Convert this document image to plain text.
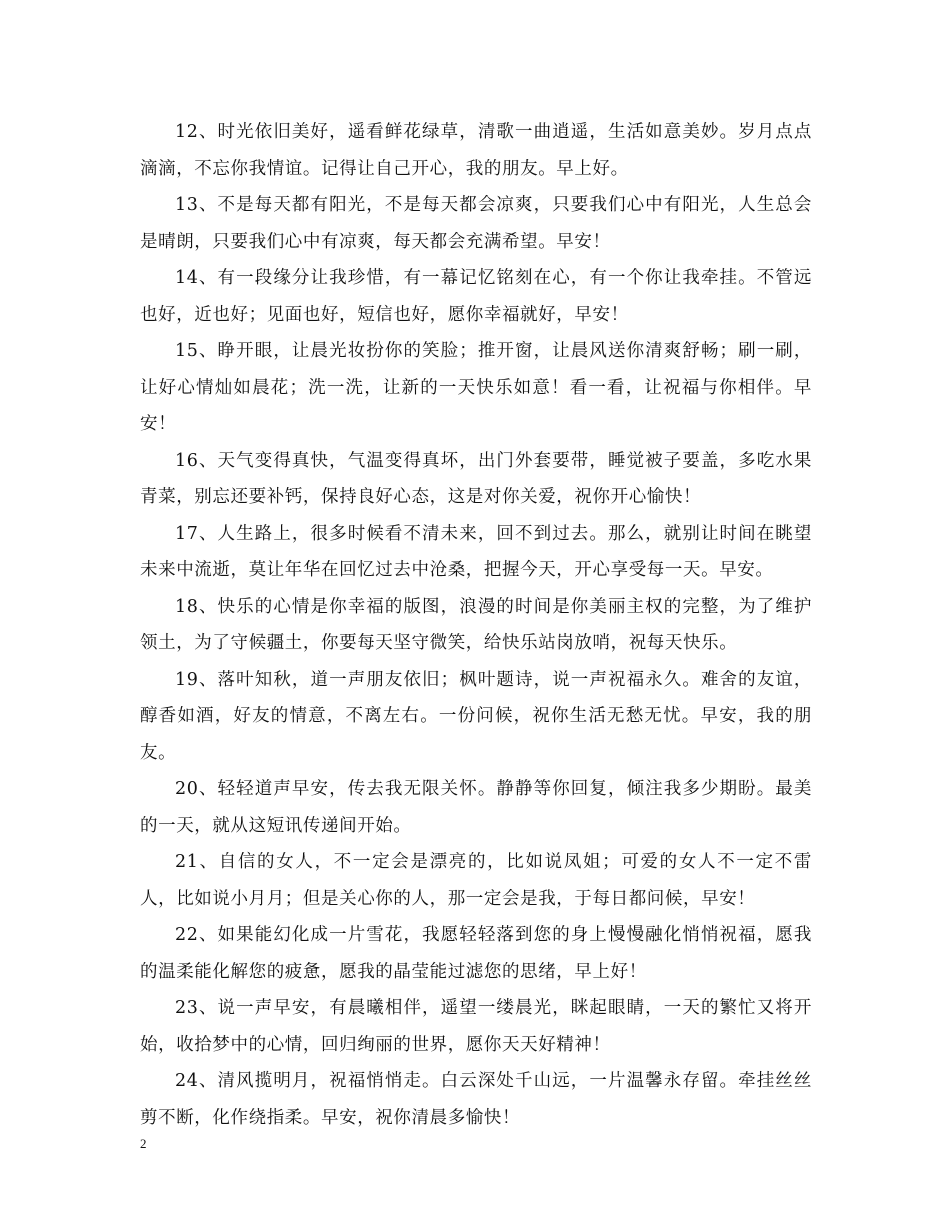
12、时光依旧美好，遥看鲜花绿草，清歌一曲逍遥，生活如意美妙。岁月点点滴滴，不忘你我情谊。记得让自己开心，我的朋友。早上好。

13、不是每天都有阳光，不是每天都会凉爽，只要我们心中有阳光，人生总会是晴朗，只要我们心中有凉爽，每天都会充满希望。早安！

14、有一段缘分让我珍惜，有一幕记忆铭刻在心，有一个你让我牵挂。不管远也好，近也好；见面也好，短信也好，愿你幸福就好，早安！

15、睁开眼，让晨光妆扮你的笑脸；推开窗，让晨风送你清爽舒畅；刷一刷，让好心情灿如晨花；洗一洗，让新的一天快乐如意！看一看，让祝福与你相伴。早安！

16、天气变得真快，气温变得真坏，出门外套要带，睡觉被子要盖，多吃水果青菜，别忘还要补钙，保持良好心态，这是对你关爱，祝你开心愉快！

17、人生路上，很多时候看不清未来，回不到过去。那么，就别让时间在眺望未来中流逝，莫让年华在回忆过去中沧桑，把握今天，开心享受每一天。早安。

18、快乐的心情是你幸福的版图，浪漫的时间是你美丽主权的完整，为了维护领土，为了守候疆土，你要每天坚守微笑，给快乐站岗放哨，祝每天快乐。

19、落叶知秋，道一声朋友依旧；枫叶题诗，说一声祝福永久。难舍的友谊，醇香如酒，好友的情意，不离左右。一份问候，祝你生活无愁无忧。早安，我的朋友。

20、轻轻道声早安，传去我无限关怀。静静等你回复，倾注我多少期盼。最美的一天，就从这短讯传递间开始。

21、自信的女人，不一定会是漂亮的，比如说凤姐；可爱的女人不一定不雷人，比如说小月月；但是关心你的人，那一定会是我，于每日都问候，早安！

22、如果能幻化成一片雪花，我愿轻轻落到您的身上慢慢融化悄悄祝福，愿我的温柔能化解您的疲惫，愿我的晶莹能过滤您的思绪，早上好！

23、说一声早安，有晨曦相伴，遥望一缕晨光，眯起眼睛，一天的繁忙又将开始，收拾梦中的心情，回归绚丽的世界，愿你天天好精神！

24、清风揽明月，祝福悄悄走。白云深处千山远，一片温馨永存留。牵挂丝丝剪不断，化作绕指柔。早安，祝你清晨多愉快！

2
